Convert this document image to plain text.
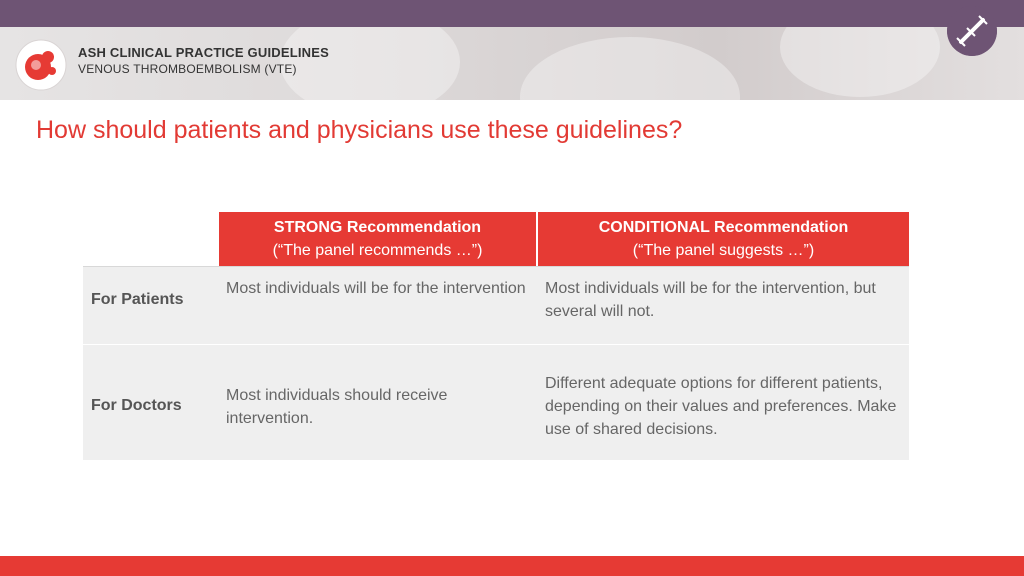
ASH CLINICAL PRACTICE GUIDELINES
VENOUS THROMBOEMBOLISM (VTE)
How should patients and physicians use these guidelines?
STRONG Recommendation
(“The panel recommends …”)
CONDITIONAL Recommendation
(“The panel suggests …”)
For Patients
Most individuals will be for the intervention Most individuals will be for the intervention, but several will not.
For Doctors
Most individuals should receive intervention.
Different adequate options for different patients, depending on their values and preferences. Make use of shared decisions.
